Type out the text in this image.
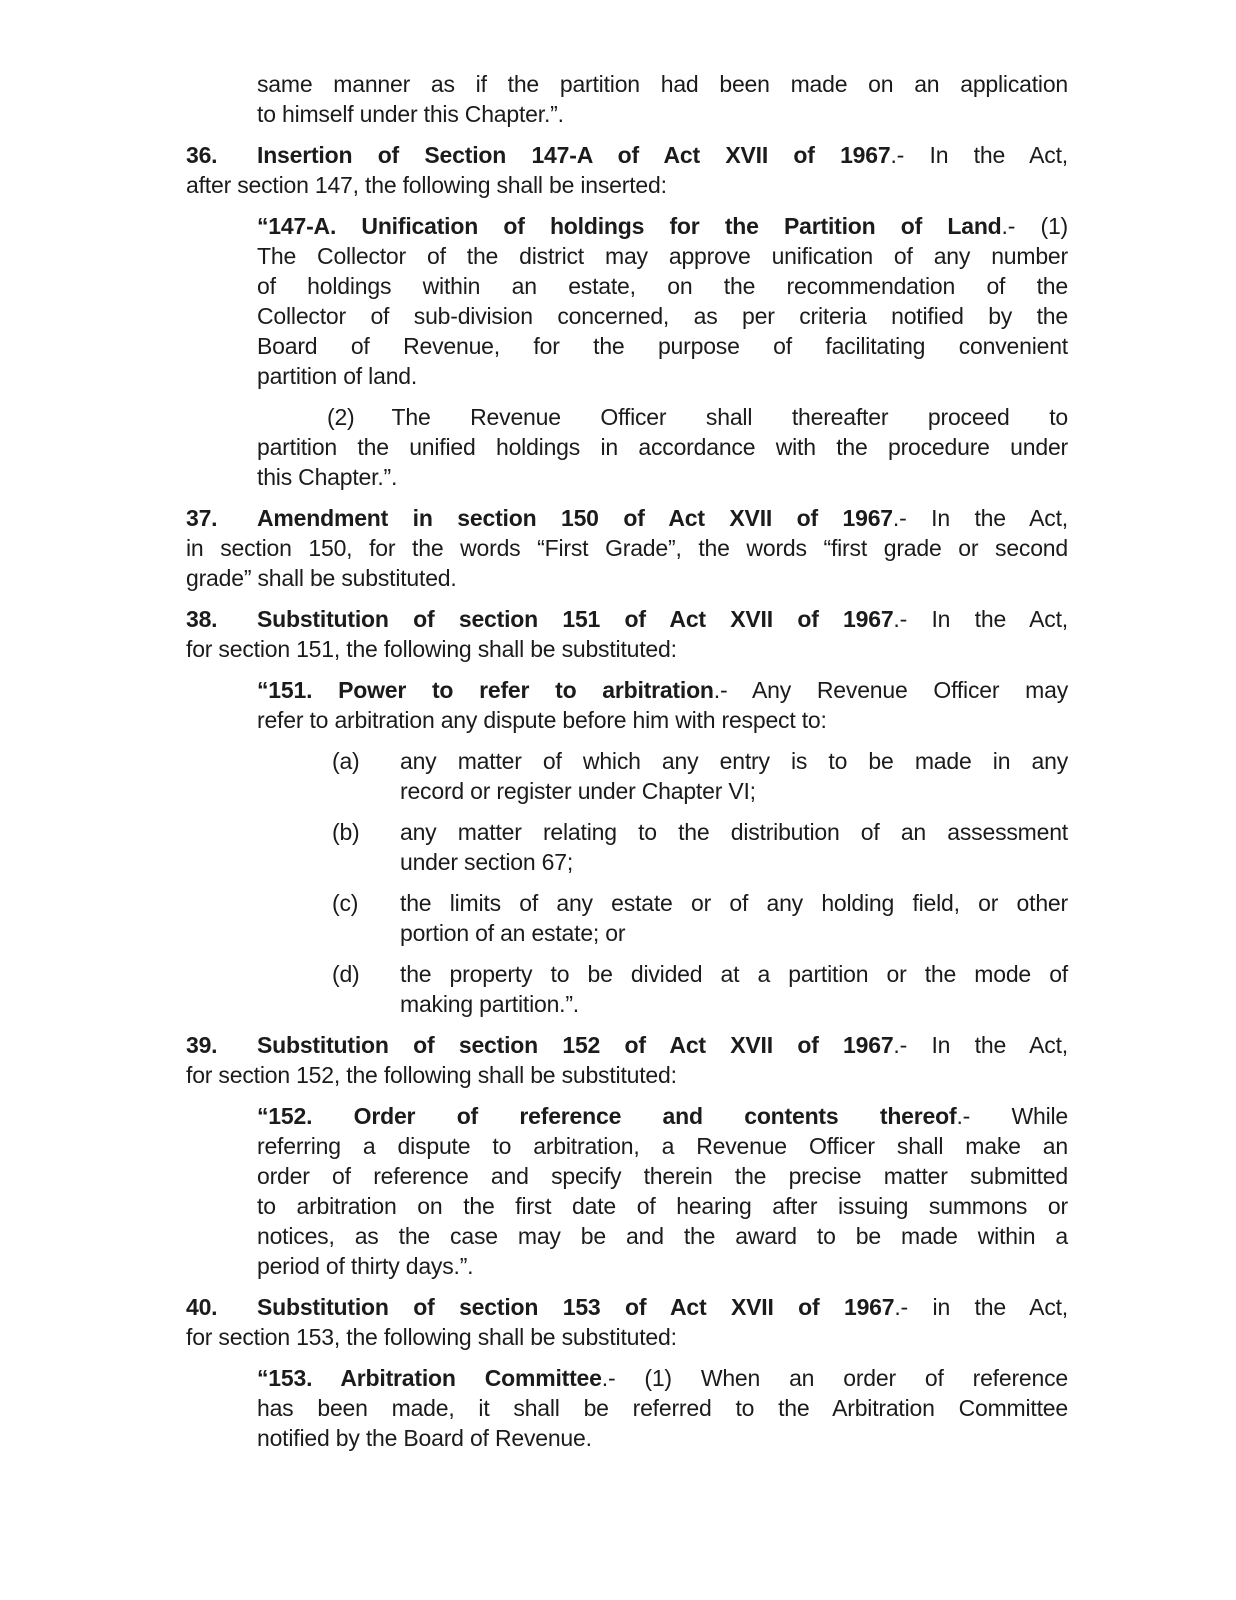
same manner as if the partition had been made on an application
to himself under this Chapter.”.
36. Insertion of Section 147-A of Act XVII of 1967.- In the Act,
after section 147, the following shall be inserted:
“147-A. Unification of holdings for the Partition of Land.- (1)
The Collector of the district may approve unification of any number
of holdings within an estate, on the recommendation of the
Collector of sub-division concerned, as per criteria notified by the
Board of Revenue, for the purpose of facilitating convenient
partition of land.
(2) The Revenue Officer shall thereafter proceed to
partition the unified holdings in accordance with the procedure under
this Chapter.”.
37. Amendment in section 150 of Act XVII of 1967.- In the Act,
in section 150, for the words “First Grade”, the words “first grade or second
grade” shall be substituted.
38. Substitution of section 151 of Act XVII of 1967.- In the Act,
for section 151, the following shall be substituted:
“151. Power to refer to arbitration.- Any Revenue Officer may
refer to arbitration any dispute before him with respect to:
(a)	any matter of which any entry is to be made in any
record or register under Chapter VI;
(b)	any matter relating to the distribution of an assessment
under section 67;
(c)	the limits of any estate or of any holding field, or other
portion of an estate; or
(d)	the property to be divided at a partition or the mode of
making partition.”.
39. Substitution of section 152 of Act XVII of 1967.- In the Act,
for section 152, the following shall be substituted:
“152. Order of reference and contents thereof.- While
referring a dispute to arbitration, a Revenue Officer shall make an
order of reference and specify therein the precise matter submitted
to arbitration on the first date of hearing after issuing summons or
notices, as the case may be and the award to be made within a
period of thirty days.”.
40. Substitution of section 153 of Act XVII of 1967.- in the Act,
for section 153, the following shall be substituted:
“153. Arbitration Committee.- (1) When an order of reference
has been made, it shall be referred to the Arbitration Committee
notified by the Board of Revenue.
